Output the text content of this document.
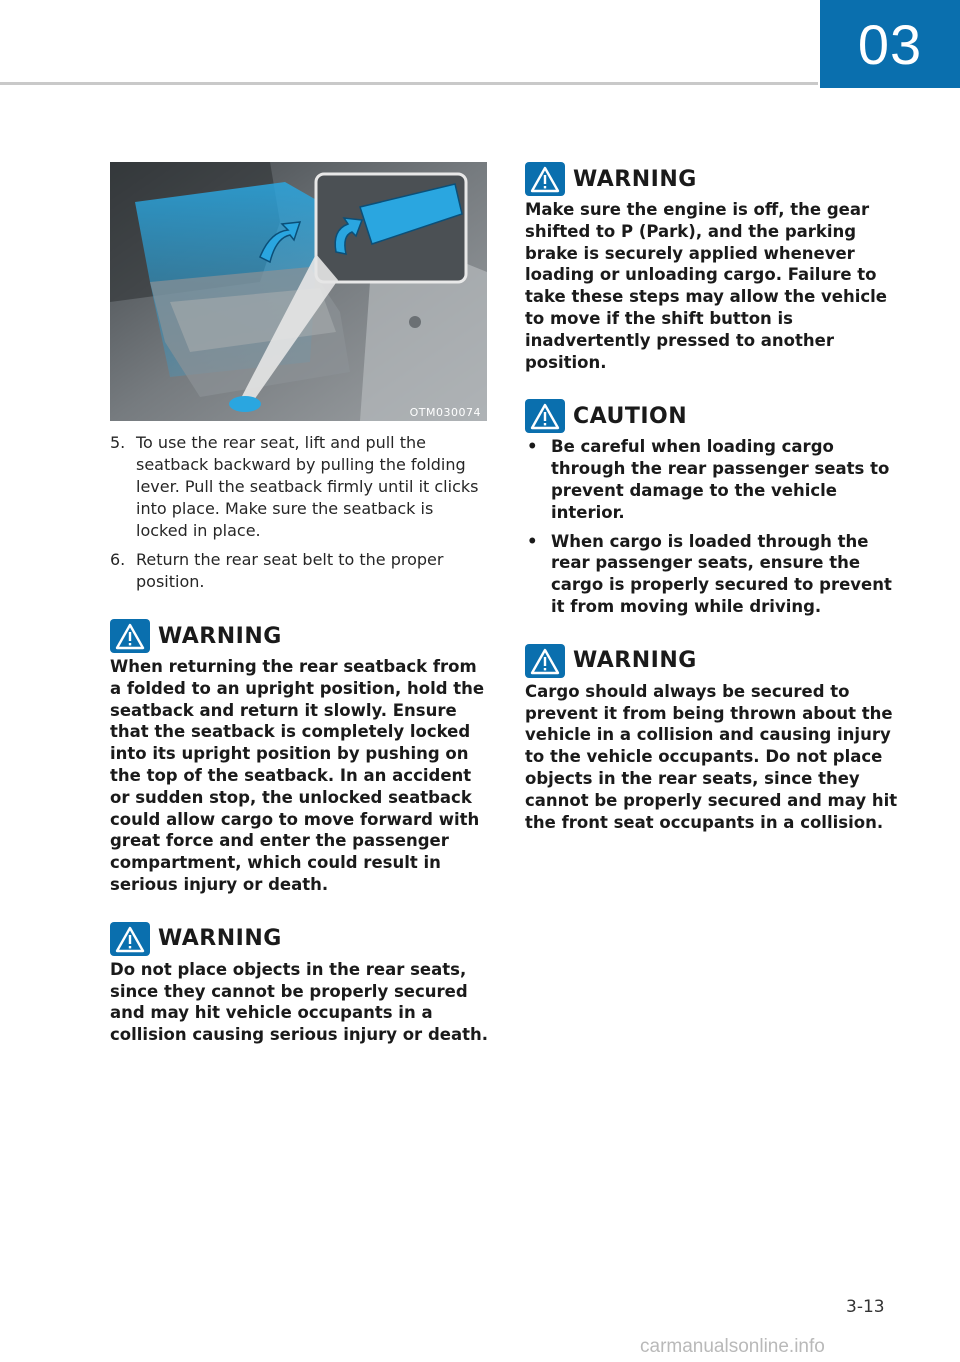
03
OTM030074
5. To use the rear seat, lift and pull the seatback backward by pulling the folding lever. Pull the seatback firmly until it clicks into place. Make sure the seatback is locked in place.
6. Return the rear seat belt to the proper position.
WARNING

When returning the rear seatback from a folded to an upright position, hold the seatback and return it slowly. Ensure that the seatback is completely locked into its upright position by pushing on the top of the seatback. In an accident or sudden stop, the unlocked seatback could allow cargo to move forward with great force and enter the passenger compartment, which could result in serious injury or death.

WARNING

Do not place objects in the rear seats, since they cannot be properly secured and may hit vehicle occupants in a collision causing serious injury or death.

WARNING

Make sure the engine is off, the gear shifted to P (Park), and the parking brake is securely applied whenever loading or unloading cargo. Failure to take these steps may allow the vehicle to move if the shift button is inadvertently pressed to another position.

CAUTION
• Be careful when loading cargo through the rear passenger seats to prevent damage to the vehicle interior.
• When cargo is loaded through the rear passenger seats, ensure the cargo is properly secured to prevent it from moving while driving.
WARNING

Cargo should always be secured to prevent it from being thrown about the vehicle in a collision and causing injury to the vehicle occupants. Do not place objects in the rear seats, since they cannot be properly secured and may hit the front seat occupants in a collision.

3-13
carmanualsonline.info
